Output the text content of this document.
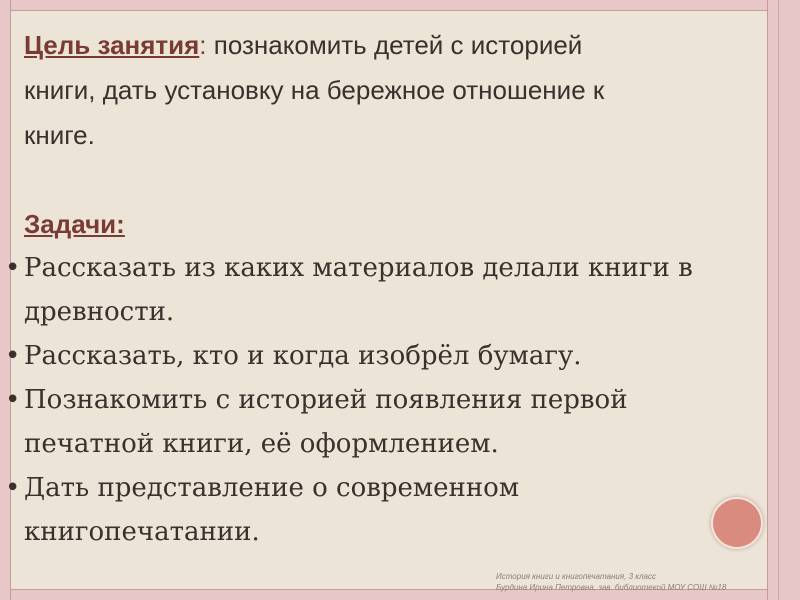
Цель занятия: познакомить детей с историей
книги, дать установку на бережное отношение к
книге.
Задачи:
• Рассказать из каких материалов делали книги в
древности.
• Рассказать, кто и когда изобрёл бумагу.
• Познакомить с историей появления первой
печатной книги, её оформлением.
• Дать представление о современном
книгопечатании.
История книги и книгопечатания, 3 класс
Бурдина Ирина Петровна, зав. библиотекой МОУ СОШ №18
